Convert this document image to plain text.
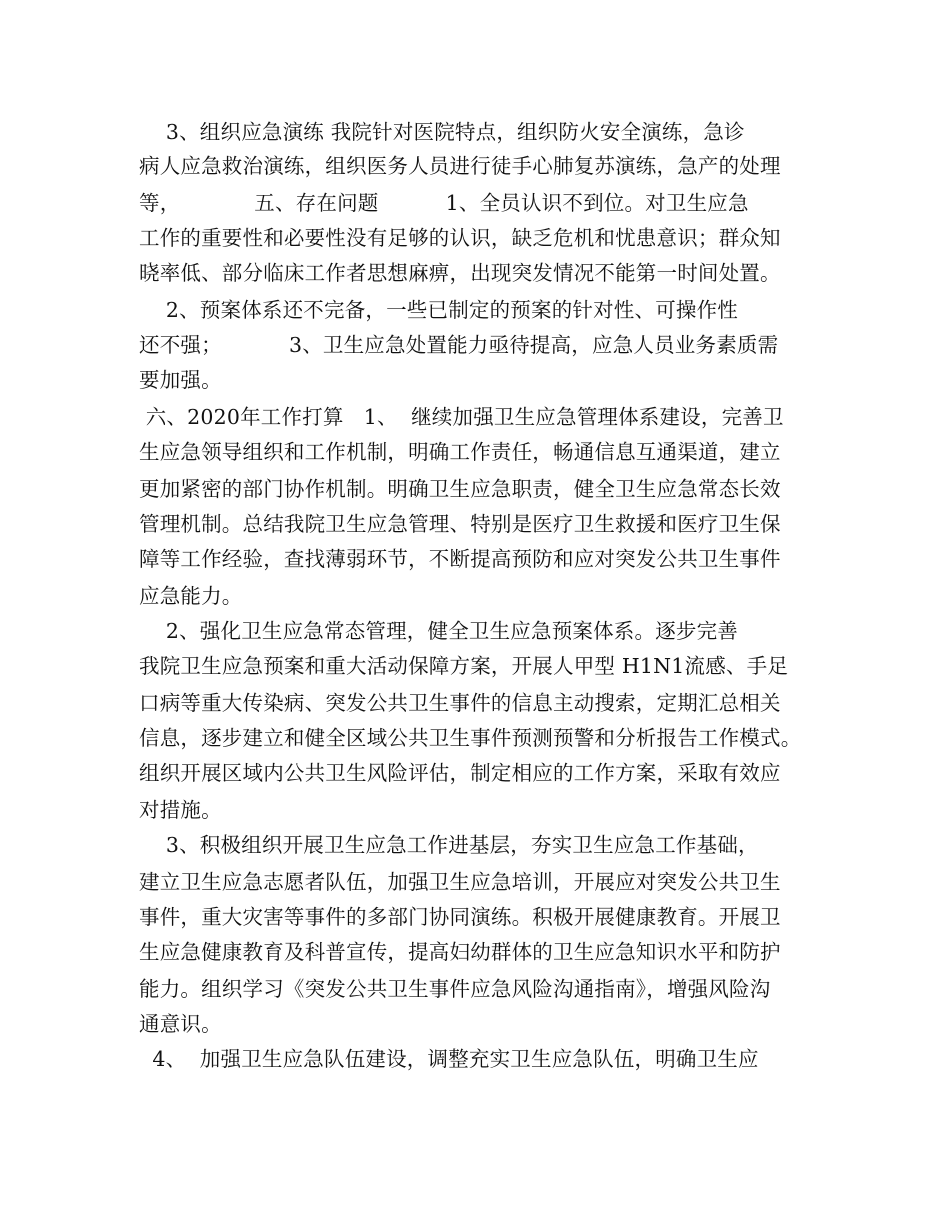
3、组织应急演练 我院针对医院特点，组织防火安全演练，急诊
病人应急救治演练，组织医务人员进行徒手心肺复苏演练，急产的处理
等，           五、存在问题          1、全员认识不到位。对卫生应急
工作的重要性和必要性没有足够的认识，缺乏危机和忧患意识；群众知
晓率低、部分临床工作者思想麻痹，出现突发情况不能第一时间处置。
2、预案体系还不完备，一些已制定的预案的针对性、可操作性
还不强；          3、卫生应急处置能力亟待提高，应急人员业务素质需
要加强。
六、2020年工作打算   1、  继续加强卫生应急管理体系建设，完善卫
生应急领导组织和工作机制，明确工作责任，畅通信息互通渠道，建立
更加紧密的部门协作机制。明确卫生应急职责，健全卫生应急常态长效
管理机制。总结我院卫生应急管理、特别是医疗卫生救援和医疗卫生保
障等工作经验，查找薄弱环节，不断提高预防和应对突发公共卫生事件
应急能力。
2、强化卫生应急常态管理，健全卫生应急预案体系。逐步完善
我院卫生应急预案和重大活动保障方案，开展人甲型 H1N1流感、手足
口病等重大传染病、突发公共卫生事件的信息主动搜索，定期汇总相关
信息，逐步建立和健全区域公共卫生事件预测预警和分析报告工作模式。
组织开展区域内公共卫生风险评估，制定相应的工作方案，采取有效应
对措施。
3、积极组织开展卫生应急工作进基层，夯实卫生应急工作基础，
建立卫生应急志愿者队伍，加强卫生应急培训，开展应对突发公共卫生
事件，重大灾害等事件的多部门协同演练。积极开展健康教育。开展卫
生应急健康教育及科普宣传，提高妇幼群体的卫生应急知识水平和防护
能力。组织学习《突发公共卫生事件应急风险沟通指南》，增强风险沟
通意识。
4、  加强卫生应急队伍建设，调整充实卫生应急队伍，明确卫生应
